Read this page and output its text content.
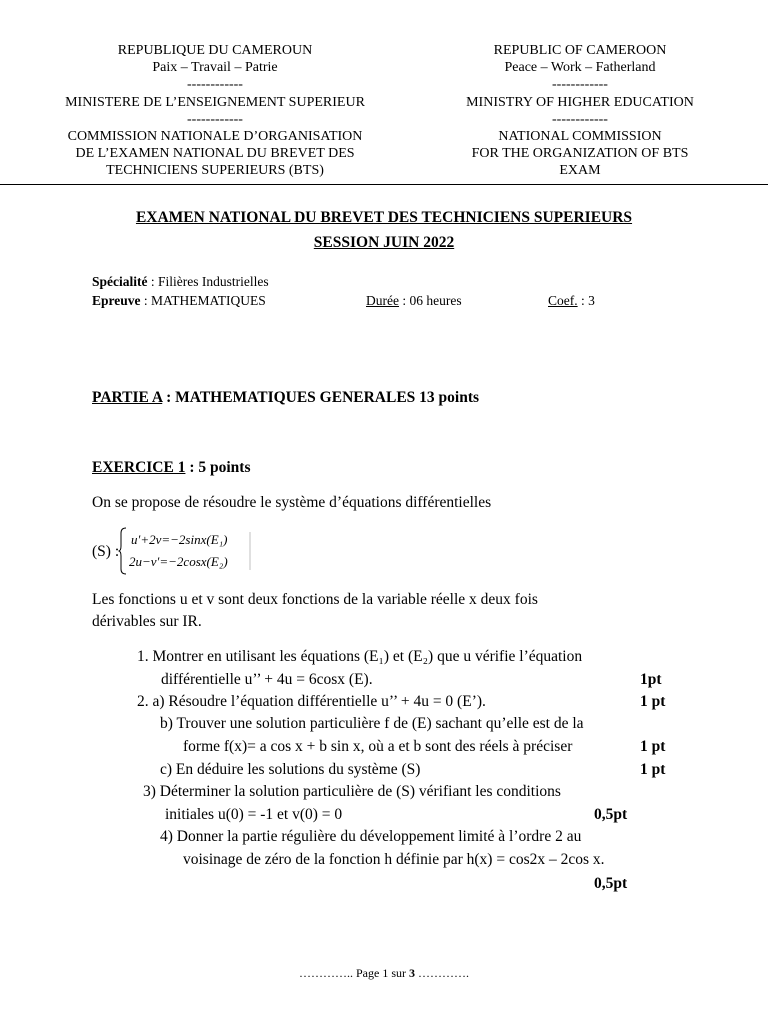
REPUBLIQUE DU CAMEROUN
Paix – Travail – Patrie
------------
MINISTERE DE L’ENSEIGNEMENT SUPERIEUR
------------
COMMISSION NATIONALE D’ORGANISATION
DE L’EXAMEN NATIONAL DU BREVET DES
TECHNICIENS SUPERIEURS (BTS)
REPUBLIC OF CAMEROON
Peace – Work – Fatherland
------------
MINISTRY OF HIGHER EDUCATION
------------
NATIONAL COMMISSION
FOR THE ORGANIZATION OF BTS
EXAM
EXAMEN NATIONAL DU BREVET DES TECHNICIENS SUPERIEURS
SESSION JUIN 2022
Spécialité : Filières Industrielles
Epreuve : MATHEMATIQUES	Durée : 06 heures	Coef. : 3
PARTIE A : MATHEMATIQUES GENERALES 13 points
EXERCICE 1 : 5 points
On se propose de résoudre le système d’équations différentielles
(S) :
u′+2v=−2sinx(E₁)
2u−v′=−2cosx(E₂)
Les fonctions u et v sont deux fonctions de la variable réelle x deux fois
dérivables sur IR.
1. Montrer en utilisant les équations (E₁) et (E₂) que u vérifie l’équation
différentielle u’’ + 4u = 6cosx (E).	1pt
2. a) Résoudre l’équation différentielle u’’ + 4u = 0 (E’).	1 pt
b) Trouver une solution particulière f de (E) sachant qu’elle est de la
forme f(x)= a cos x + b sin x, où a et b sont des réels à préciser	1 pt
c) En déduire les solutions du système (S)	1 pt
3) Déterminer la solution particulière de (S) vérifiant les conditions
initiales u(0) = -1 et v(0) = 0	0,5pt
4) Donner la partie régulière du développement limité à l’ordre 2 au
voisinage de zéro de la fonction h définie par h(x) = cos2x – 2cos x.
0,5pt
………….. Page 1 sur 3 ………….
